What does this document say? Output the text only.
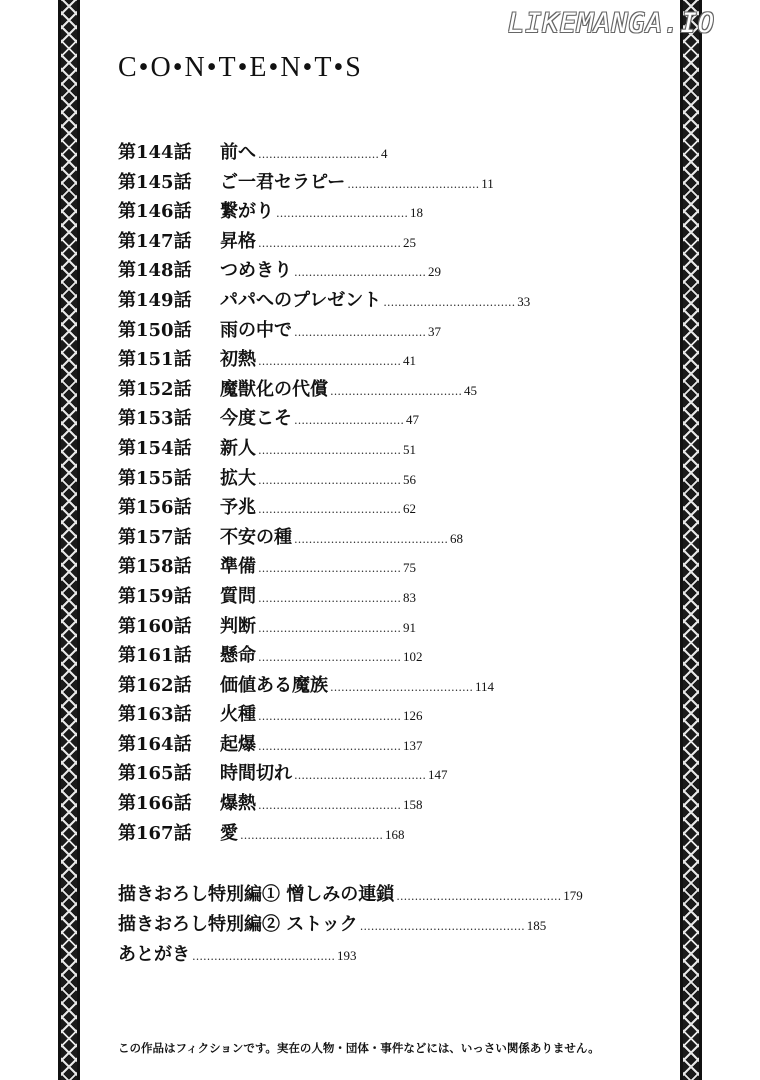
LIKEMANGA.IO
C•O•N•T•E•N•T•S
第144話	前へ …………………………… 4
第145話	ご一君セラピー ……………………………… 11
第146話	繋がり ……………………………… 18
第147話	昇格 ………………………………… 25
第148話	つめきり ……………………………… 29
第149話	パパへのプレゼント ……………………………… 33
第150話	雨の中で ……………………………… 37
第151話	初熱 ………………………………… 41
第152話	魔獣化の代償 ……………………………… 45
第153話	今度こそ ………………………… 47
第154話	新人 ………………………………… 51
第155話	拡大 ………………………………… 56
第156話	予兆 ………………………………… 62
第157話	不安の種 …………………………………… 68
第158話	準備 ………………………………… 75
第159話	質問 ………………………………… 83
第160話	判断 ………………………………… 91
第161話	懸命 ………………………………… 102
第162話	価値ある魔族 ………………………………… 114
第163話	火種 ………………………………… 126
第164話	起爆 ………………………………… 137
第165話	時間切れ ……………………………… 147
第166話	爆熱 ………………………………… 158
第167話	愛 ………………………………… 168
描きおろし特別編① 憎しみの連鎖 ……………………………………… 179
描きおろし特別編② ストック ……………………………………… 185
あとがき ………………………………… 193
この作品はフィクションです。実在の人物・団体・事件などには、いっさい関係ありません。
